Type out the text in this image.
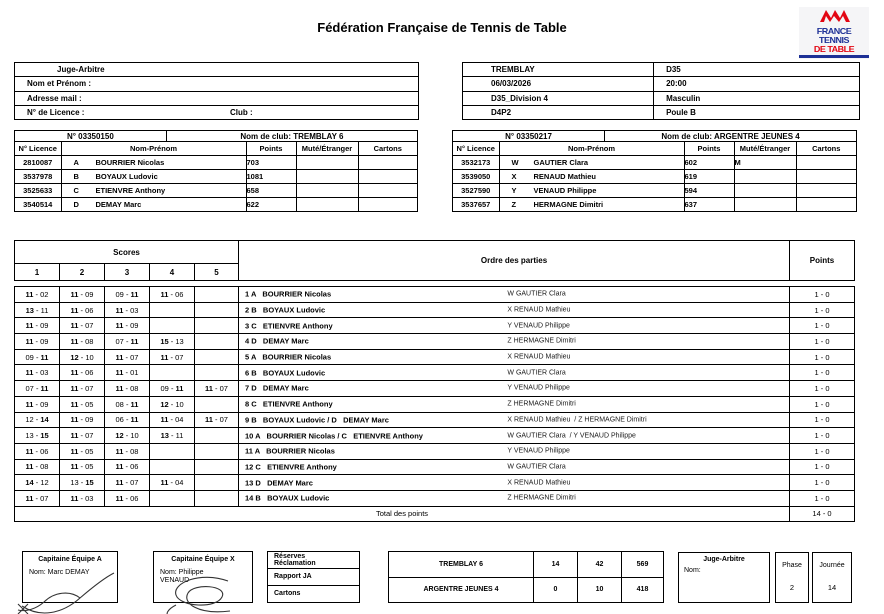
Fédération Française de Tennis de Table	FRANCE
TENNIS
DE TABLE
Juge-Arbitre
Nom et Prénom :
Adresse mail :
N° de Licence :	Club :
TREMBLAY	D35
06/03/2026	20:00
D35_Division 4	Masculin
D4P2	Poule B
N° 03350150	Nom de club: TREMBLAY 6
N° Licence	Nom-Prénom	Points	Muté/Étranger	Cartons
2810087	A BOURRIER Nicolas	703		
3537978	B BOYAUX Ludovic	1081		
3525633	C ETIENVRE Anthony	658		
3540514	D DEMAY Marc	622		
N° 03350217	Nom de club: ARGENTRE JEUNES 4
N° Licence	Nom-Prénom	Points	Muté/Étranger	Cartons
3532173	W GAUTIER Clara	602	M	
3539050	X RENAUD Mathieu	619		
3527590	Y VENAUD Philippe	594		
3537657	Z HERMAGNE Dimitri	637		
Scores					Ordre des parties	Points
1	2	3	4	5		
11 - 02	11 - 09	09 - 11	11 - 06		1 A   BOURRIER Nicolas W GAUTIER Clara	1 - 0
13 - 11	11 - 06	11 - 03			2 B   BOYAUX Ludovic X RENAUD Mathieu	1 - 0
11 - 09	11 - 07	11 - 09			3 C   ETIENVRE Anthony Y VENAUD Philippe	1 - 0
11 - 09	11 - 08	07 - 11	15 - 13		4 D   DEMAY Marc Z HERMAGNE Dimitri	1 - 0
09 - 11	12 - 10	11 - 07	11 - 07		5 A   BOURRIER Nicolas X RENAUD Mathieu	1 - 0
11 - 03	11 - 06	11 - 01			6 B   BOYAUX Ludovic W GAUTIER Clara	1 - 0
07 - 11	11 - 07	11 - 08	09 - 11	11 - 07	7 D   DEMAY Marc Y VENAUD Philippe	1 - 0
11 - 09	11 - 05	08 - 11	12 - 10		8 C   ETIENVRE Anthony Z HERMAGNE Dimitri	1 - 0
12 - 14	11 - 09	06 - 11	11 - 04	11 - 07	9 B   BOYAUX Ludovic / D   DEMAY Marc X RENAUD Mathieu  / Z HERMAGNE Dimitri	1 - 0
13 - 15	11 - 07	12 - 10	13 - 11		10 A   BOURRIER Nicolas / C   ETIENVRE Anthony W GAUTIER Clara  / Y VENAUD Philippe	1 - 0
11 - 06	11 - 05	11 - 08			11 A   BOURRIER Nicolas Y VENAUD Philippe	1 - 0
11 - 08	11 - 05	11 - 06			12 C   ETIENVRE Anthony W GAUTIER Clara	1 - 0
14 - 12	13 - 15	11 - 07	11 - 04		13 D   DEMAY Marc X RENAUD Mathieu	1 - 0
11 - 07	11 - 03	11 - 06			14 B   BOYAUX Ludovic Z HERMAGNE Dimitri	1 - 0
Total des points						14 - 0
Capitaine Équipe A
Nom: Marc DEMAY
Capitaine Équipe X
Nom: Philippe
VENAUD
Réserves
Réclamation
Rapport JA
Cartons
TREMBLAY 6	14	42	569
ARGENTRE JEUNES 4	0	10	418
Juge-Arbitre
Nom:
Phase
2
Journée
14
